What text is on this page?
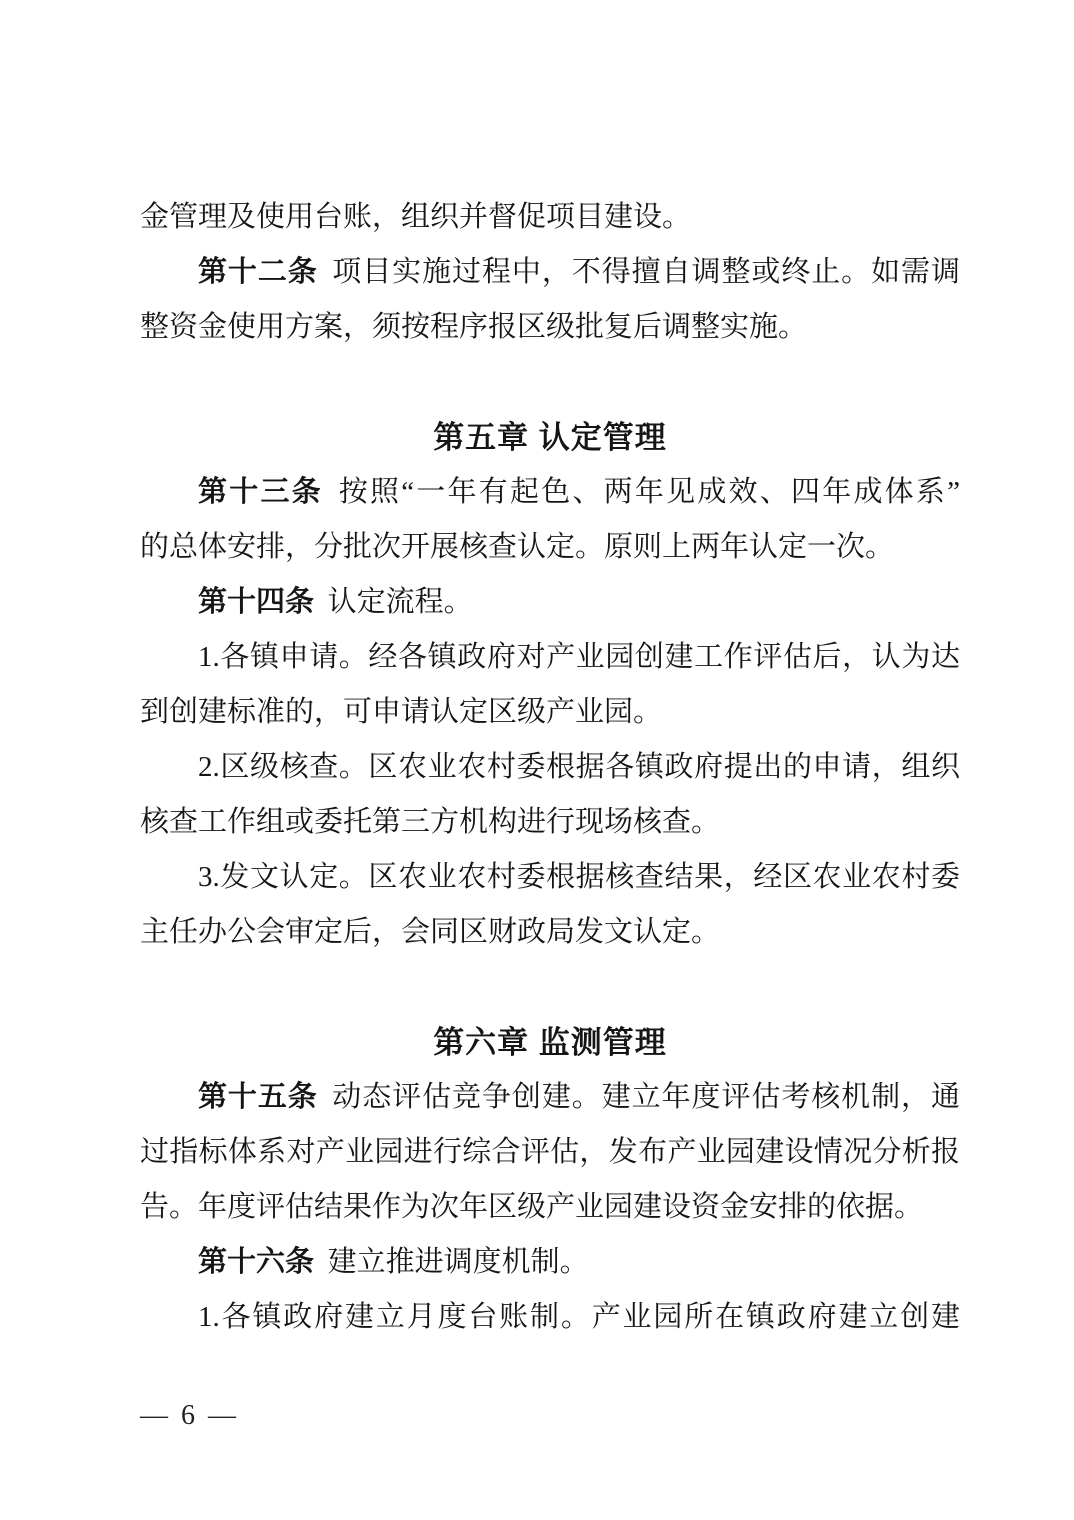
金管理及使用台账，组织并督促项目建设。
第十二条 项目实施过程中，不得擅自调整或终止。如需调
整资金使用方案，须按程序报区级批复后调整实施。
第五章 认定管理
第十三条 按照“一年有起色、两年见成效、四年成体系”
的总体安排，分批次开展核查认定。原则上两年认定一次。
第十四条 认定流程。
1.各镇申请。经各镇政府对产业园创建工作评估后，认为达
到创建标准的，可申请认定区级产业园。
2.区级核查。区农业农村委根据各镇政府提出的申请，组织
核查工作组或委托第三方机构进行现场核查。
3.发文认定。区农业农村委根据核查结果，经区农业农村委
主任办公会审定后，会同区财政局发文认定。
第六章 监测管理
第十五条 动态评估竞争创建。建立年度评估考核机制，通
过指标体系对产业园进行综合评估，发布产业园建设情况分析报
告。年度评估结果作为次年区级产业园建设资金安排的依据。
第十六条 建立推进调度机制。
1.各镇政府建立月度台账制。产业园所在镇政府建立创建
— 6 —
